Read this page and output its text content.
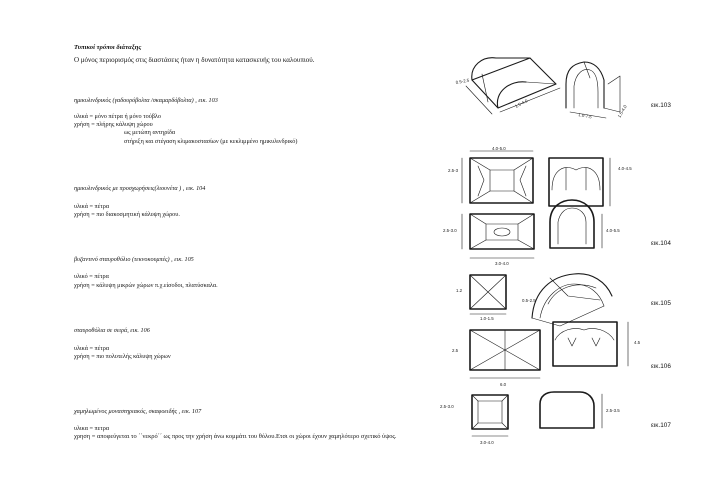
Τυπικοί τρόποι διάταξης
Ο μόνος περιορισμός στις διαστάσεις ήταν η δυνατότητα κατασκευής του καλουπιού.
ημικυλινδρικός (γαδουρόβολτα /σκαμαρδόβολτα) , εικ. 103
υλικά = μόνο πέτρα ή μόνο τούβλο
χρήση = πλήρης κάλυψη χώρου
ως μετώπη αντηρίδα
στήριξη και στέγαση κλιμακοστασίων (με κεκλιμμένο ημικυλινδρικό)
ημικυλινδρικός με προσχωρήσεις(λιουνέτα ) , εικ. 104
υλικά = πέτρα
χρήση = πιο διακοσμητική κάλυψη χώρου.
βυζαντινό σταυροθόλιο (τεκνοκουμπές) , εικ. 105
υλικό = πέτρα
χρήση = κάλυψη μικρών χώρων π.χ.είσοδοι, πλατύσκαλα.
σταυροθόλια σε σειρά, εικ. 106
υλικά = πέτρα
χρήση = πιο πολυτελής κάλυψη χώρων
χαμηλωμένος μοναστηριακός, σκαφοειδής , εικ. 107
υλικα = πετρα
χρηση = αποφεύγεται το ΄΄νεκρό΄΄ ως προς την χρήση άνω κομμάτι του θόλου.Ετσι οι χώροι έχουν χαμηλότερο σχετικό ύψος.
0.5-2.5
1.5-4.0
1.0-7.5	1.5-4.0
4.0-5.0
2.5-3	4.0-4.5
2.5-3.0
3.0-4.0
4.0-5.5
1.2
1.0-1.5
0.5-2.5
2.5
6.0
4.5
2.5-3.0
3.0-4.0
2.5-3.5
εικ.103
εικ.104
εικ.105
εικ.106
εικ.107
